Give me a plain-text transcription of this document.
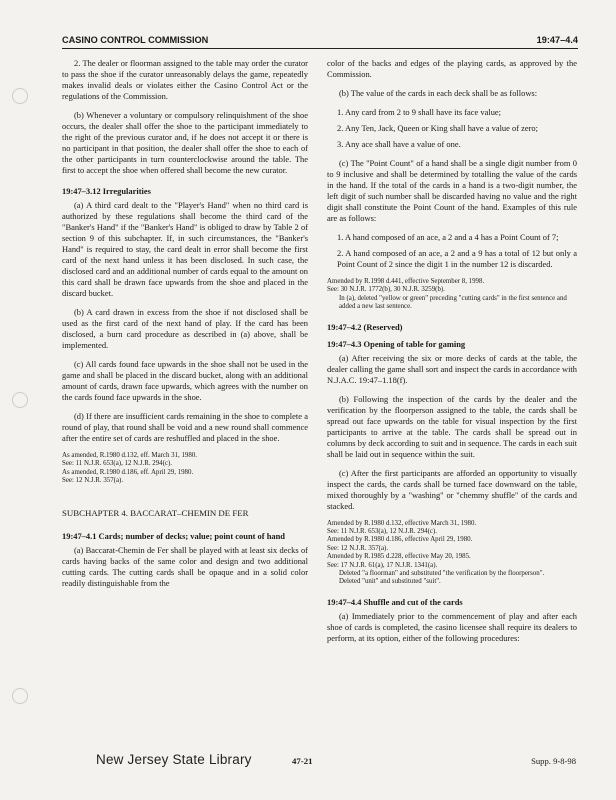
CASINO CONTROL COMMISSION	19:47–4.4

2. The dealer or floorman assigned to the table may order the curator to pass the shoe if the curator unreasonably delays the game, repeatedly makes invalid deals or violates either the Casino Control Act or the regulations of the Commission.

(b) Whenever a voluntary or compulsory relinquishment of the shoe occurs, the dealer shall offer the shoe to the participant immediately to the right of the previous curator and, if he does not accept it or there is no participant in that position, the dealer shall offer the shoe to each of the other participants in turn counterclockwise around the table. The first to accept the shoe when offered shall become the new curator.

19:47–3.12 Irregularities

(a) A third card dealt to the "Player's Hand" when no third card is authorized by these regulations shall become the third card of the "Banker's Hand" if the "Banker's Hand" is obliged to draw by Table 2 of section 9 of this subchapter. If, in such circumstances, the "Banker's Hand" is required to stay, the card dealt in error shall become the first card of the next hand unless it has been disclosed. In such case, the disclosed card and an additional number of cards equal to the amount on this card shall be drawn face upwards from the shoe and placed in the discard bucket.

(b) A card drawn in excess from the shoe if not disclosed shall be used as the first card of the next hand of play. If the card has been disclosed, a burn card procedure as described in (a) above, shall be implemented.

(c) All cards found face upwards in the shoe shall not be used in the game and shall be placed in the discard bucket, along with an additional amount of cards, drawn face upwards, which agrees with the number on the cards found face upwards in the shoe.

(d) If there are insufficient cards remaining in the shoe to complete a round of play, that round shall be void and a new round shall commence after the entire set of cards are reshuffled and placed in the shoe.

As amended, R.1980 d.132, eff. March 31, 1980.
See: 11 N.J.R. 653(a), 12 N.J.R. 294(c).
As amended, R.1980 d.186, eff. April 29, 1980.
See: 12 N.J.R. 357(a).
SUBCHAPTER 4. BACCARAT–CHEMIN DE FER
19:47–4.1 Cards; number of decks; value; point count of hand

(a) Baccarat-Chemin de Fer shall be played with at least six decks of cards having backs of the same color and design and two additional cutting cards. The cutting cards shall be opaque and in a solid color readily distinguishable from the

color of the backs and edges of the playing cards, as approved by the Commission.

(b) The value of the cards in each deck shall be as follows:

1. Any card from 2 to 9 shall have its face value;
2. Any Ten, Jack, Queen or King shall have a value of zero;
3. Any ace shall have a value of one.

(c) The "Point Count" of a hand shall be a single digit number from 0 to 9 inclusive and shall be determined by totalling the value of the cards in the hand. If the total of the cards in a hand is a two-digit number, the left digit of such number shall be discarded having no value and the right digit shall constitute the Point Count of the hand. Examples of this rule are as follows:

1. A hand composed of an ace, a 2 and a 4 has a Point Count of 7;
2. A hand composed of an ace, a 2 and a 9 has a total of 12 but only a Point Count of 2 since the digit 1 in the number 12 is discarded.
Amended by R.1998 d.441, effective September 8, 1998.
See: 30 N.J.R. 1772(b), 30 N.J.R. 3259(b).
In (a), deleted "yellow or green" preceding "cutting cards" in the first sentence and added a new last sentence.
19:47–4.2 (Reserved)
19:47–4.3 Opening of table for gaming

(a) After receiving the six or more decks of cards at the table, the dealer calling the game shall sort and inspect the cards in accordance with N.J.A.C. 19:47–1.18(f).

(b) Following the inspection of the cards by the dealer and the verification by the floorperson assigned to the table, the cards shall be spread out face upwards on the table for visual inspection by the first participants to arrive at the table. The cards shall be spread out in columns by deck according to suit and in sequence. The cards in each suit shall be laid out in sequence within the suit.

(c) After the first participants are afforded an opportunity to visually inspect the cards, the cards shall be turned face downward on the table, mixed thoroughly by a "washing" or "chemmy shuffle" of the cards and stacked.

Amended by R.1980 d.132, effective March 31, 1980.
See: 11 N.J.R. 653(a), 12 N.J.R. 294(c).
Amended by R.1980 d.186, effective April 29, 1980.
See: 12 N.J.R. 357(a).
Amended by R.1985 d.228, effective May 20, 1985.
See: 17 N.J.R. 61(a), 17 N.J.R. 1341(a).
Deleted "a floorman" and substituted "the verification by the floorperson".
Deleted "unit" and substituted "suit".
19:47–4.4 Shuffle and cut of the cards

(a) Immediately prior to the commencement of play and after each shoe of cards is completed, the casino licensee shall require its dealers to perform, at its option, either of the following procedures:

New Jersey State Library	47-21	Supp. 9-8-98
